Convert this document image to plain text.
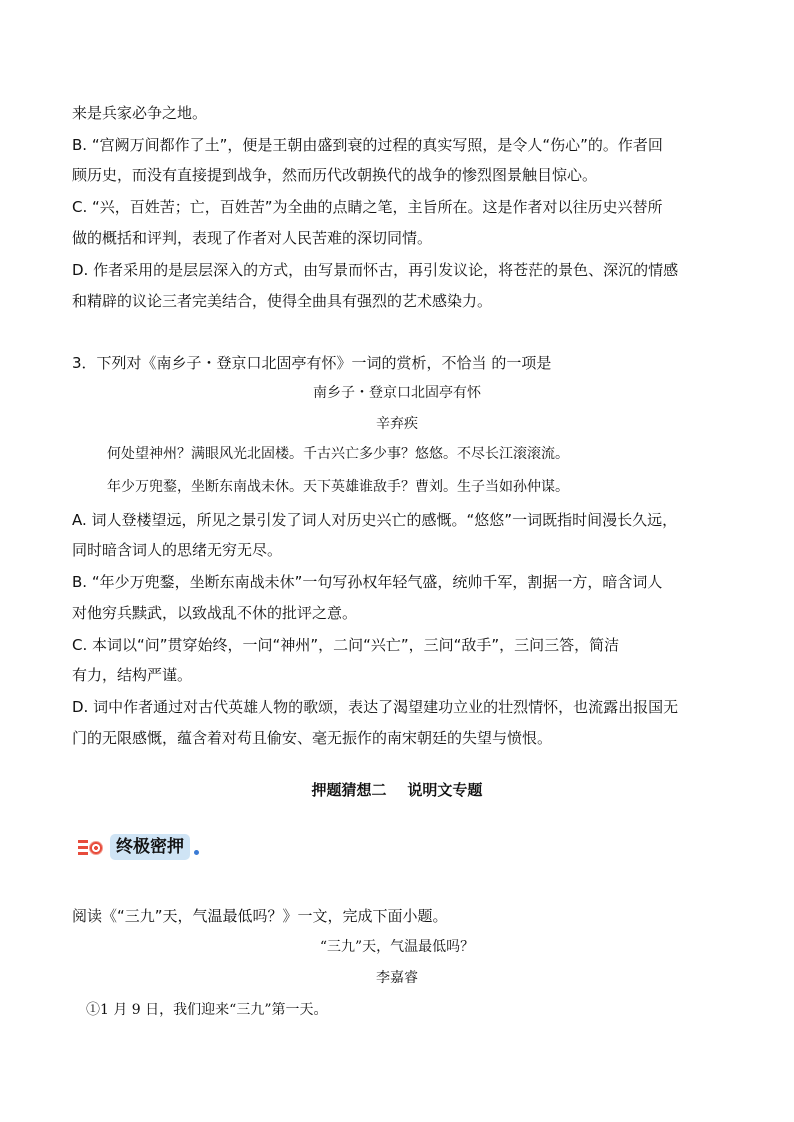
来是兵家必争之地。
B. “宫阙万间都作了土”，便是王朝由盛到衰的过程的真实写照，是令人“伤心”的。作者回
顾历史，而没有直接提到战争，然而历代改朝换代的战争的惨烈图景触目惊心。
C. “兴，百姓苦；亡，百姓苦”为全曲的点睛之笔，主旨所在。这是作者对以往历史兴替所
做的概括和评判，表现了作者对人民苦难的深切同情。
D. 作者采用的是层层深入的方式，由写景而怀古，再引发议论，将苍茫的景色、深沉的情感
和精辟的议论三者完美结合，使得全曲具有强烈的艺术感染力。
3．下列对《南乡子・登京口北固亭有怀》一词的赏析，不恰当 的一项是
南乡子・登京口北固亭有怀
辛弃疾
何处望神州？满眼风光北固楼。千古兴亡多少事？悠悠。不尽长江滚滚流。
年少万兜鍪，坐断东南战未休。天下英雄谁敌手？曹刘。生子当如孙仲谋。
A. 词人登楼望远，所见之景引发了词人对历史兴亡的感慨。“悠悠”一词既指时间漫长久远，
同时暗含词人的思绪无穷无尽。
B. “年少万兜鍪，坐断东南战未休”一句写孙权年轻气盛，统帅千军，割据一方，暗含词人
对他穷兵黩武，以致战乱不休的批评之意。
C. 本词以“问”贯穿始终，一问“神州”，二问“兴亡”，三问“敌手”，三问三答，简洁
有力，结构严谨。
D. 词中作者通过对古代英雄人物的歌颂，表达了渴望建功立业的壮烈情怀，也流露出报国无
门的无限感慨，蕴含着对苟且偷安、毫无振作的南宋朝廷的失望与愤恨。
押题猜想二    说明文专题
终极密押
阅读《“三九”天，气温最低吗？》一文，完成下面小题。
“三九”天，气温最低吗？
李嘉睿
①1 月 9 日，我们迎来“三九”第一天。
